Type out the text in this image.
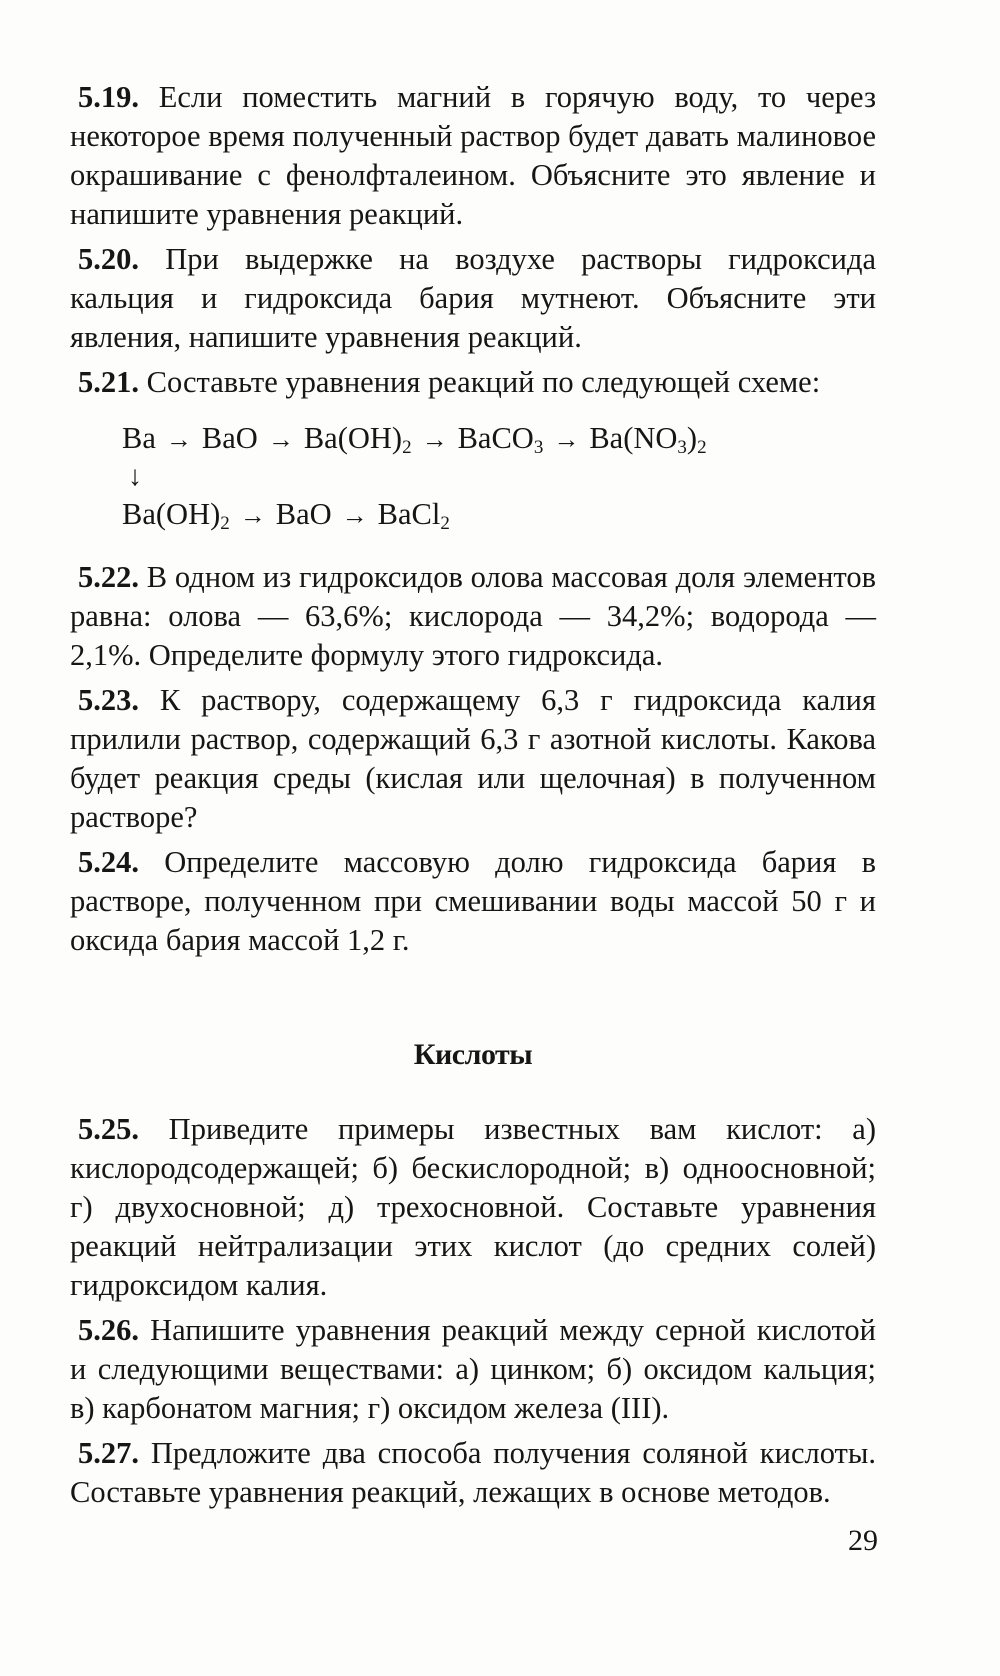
5.19. Если поместить магний в горячую воду, то через некоторое время полученный раствор будет давать малиновое окрашивание с фенолфталеином. Объясните это явление и напишите уравнения реакций.

5.20. При выдержке на воздухе растворы гидроксида кальция и гидроксида бария мутнеют. Объясните эти явления, напишите уравнения реакций.

5.21. Составьте уравнения реакций по следующей схеме:

Ba → BaO → $Ba(OH)_2$ → BaCO$_3$ → $Ba(NO_3)_2$
↓
$Ba(OH)_2$ → BaO → BaCl$_2$

5.22. В одном из гидроксидов олова массовая доля элементов равна: олова — 63,6%; кислорода — 34,2%; водорода — 2,1%. Определите формулу этого гидроксида.

5.23. К раствору, содержащему 6,3 г гидроксида калия прилили раствор, содержащий 6,3 г азотной кислоты. Какова будет реакция среды (кислая или щелочная) в полученном растворе?

5.24. Определите массовую долю гидроксида бария в растворе, полученном при смешивании воды массой 50 г и оксида бария массой 1,2 г.

Кислоты

5.25. Приведите примеры известных вам кислот: а) кислородсодержащей; б) бескислородной; в) одноосновной; г) двухосновной; д) трехосновной. Составьте уравнения реакций нейтрализации этих кислот (до средних солей) гидроксидом калия.

5.26. Напишите уравнения реакций между серной кислотой и следующими веществами: а) цинком; б) оксидом кальция; в) карбонатом магния; г) оксидом железа (III).

5.27. Предложите два способа получения соляной кислоты. Составьте уравнения реакций, лежащих в основе методов.

29
